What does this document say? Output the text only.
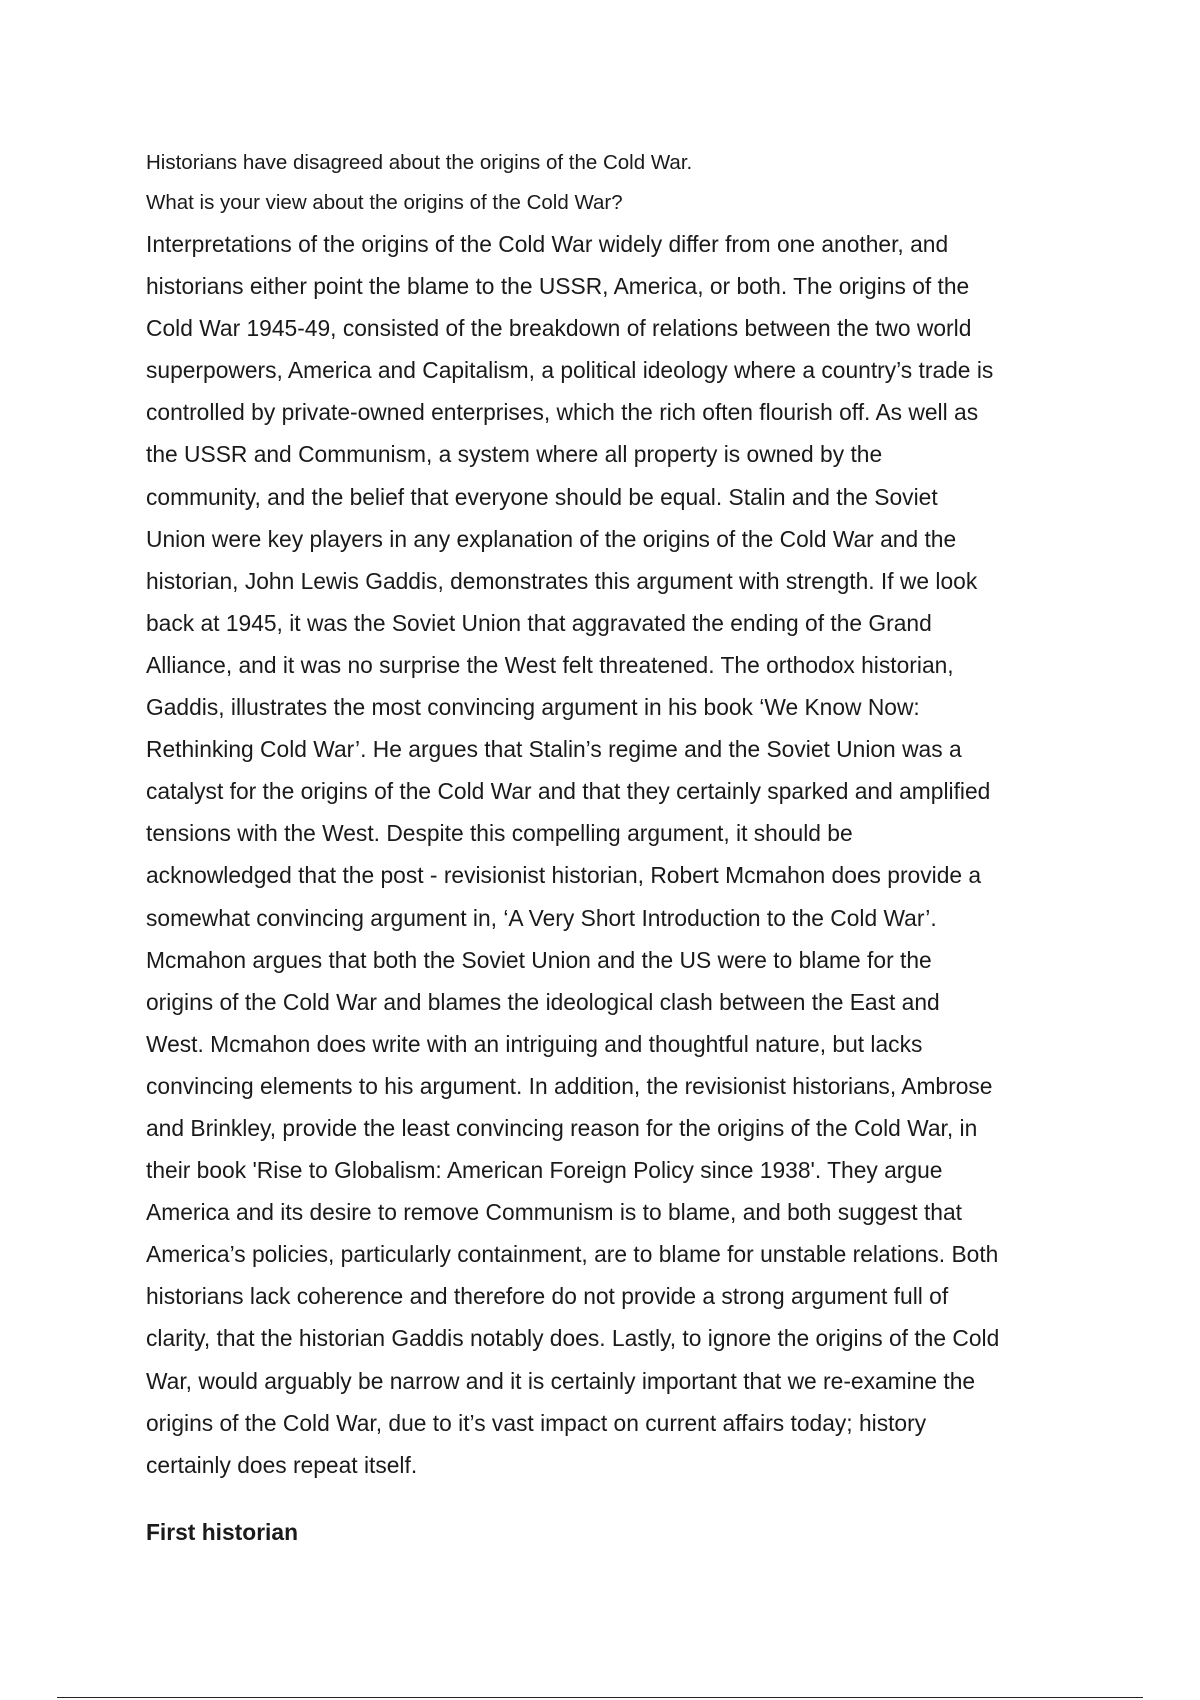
Historians have disagreed about the origins of the Cold War.

What is your view about the origins of the Cold War?

Interpretations of the origins of the Cold War widely differ from one another, and
historians either point the blame to the USSR, America, or both. The origins of the
Cold War 1945-49, consisted of the breakdown of relations between the two world
superpowers, America and Capitalism, a political ideology where a country’s trade is
controlled by private-owned enterprises, which the rich often flourish off. As well as
the USSR and Communism, a system where all property is owned by the
community, and the belief that everyone should be equal. Stalin and the Soviet
Union were key players in any explanation of the origins of the Cold War and the
historian, John Lewis Gaddis, demonstrates this argument with strength. If we look
back at 1945, it was the Soviet Union that aggravated the ending of the Grand
Alliance, and it was no surprise the West felt threatened. The orthodox historian,
Gaddis, illustrates the most convincing argument in his book ‘We Know Now:
Rethinking Cold War’. He argues that Stalin’s regime and the Soviet Union was a
catalyst for the origins of the Cold War and that they certainly sparked and amplified
tensions with the West. Despite this compelling argument, it should be
acknowledged that the post - revisionist historian, Robert Mcmahon does provide a
somewhat convincing argument in, ‘A Very Short Introduction to the Cold War’.
Mcmahon argues that both the Soviet Union and the US were to blame for the
origins of the Cold War and blames the ideological clash between the East and
West. Mcmahon does write with an intriguing and thoughtful nature, but lacks
convincing elements to his argument. In addition, the revisionist historians, Ambrose
and Brinkley, provide the least convincing reason for the origins of the Cold War, in
their book 'Rise to Globalism: American Foreign Policy since 1938'. They argue
America and its desire to remove Communism is to blame, and both suggest that
America’s policies, particularly containment, are to blame for unstable relations. Both
historians lack coherence and therefore do not provide a strong argument full of
clarity, that the historian Gaddis notably does. Lastly, to ignore the origins of the Cold
War, would arguably be narrow and it is certainly important that we re-examine the
origins of the Cold War, due to it’s vast impact on current affairs today; history
certainly does repeat itself.

First historian
